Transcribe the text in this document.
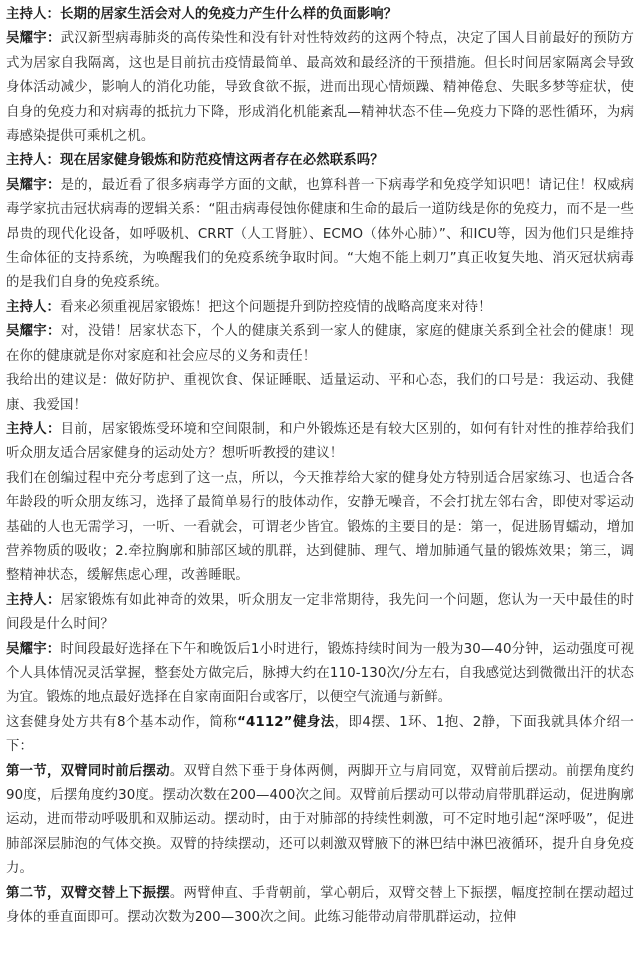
主持人：长期的居家生活会对人的免疫力产生什么样的负面影响？

吴耀宇：武汉新型病毒肺炎的高传染性和没有针对性特效药的这两个特点，决定了国人目前最好的预防方式为居家自我隔离，这也是目前抗击疫情最简单、最高效和最经济的干预措施。但长时间居家隔离会导致身体活动减少，影响人的消化功能，导致食欲不振，进而出现心情烦躁、精神倦怠、失眠多梦等症状，使自身的免疫力和对病毒的抵抗力下降，形成消化机能紊乱—精神状态不佳—免疫力下降的恶性循环，为病毒感染提供可乘机之机。

主持人：现在居家健身锻炼和防范疫情这两者存在必然联系吗？

吴耀宇：是的，最近看了很多病毒学方面的文献，也算科普一下病毒学和免疫学知识吧！请记住！权威病毒学家抗击冠状病毒的逻辑关系：“阻击病毒侵蚀你健康和生命的最后一道防线是你的免疫力，而不是一些昂贵的现代化设备，如呼吸机、CRRT（人工肾脏）、ECMO（体外心肺）”、和ICU等，因为他们只是维持生命体征的支持系统，为唤醒我们的免疫系统争取时间。“大炮不能上刺刀”真正收复失地、消灭冠状病毒的是我们自身的免疫系统。

主持人：看来必须重视居家锻炼！把这个问题提升到防控疫情的战略高度来对待！

吴耀宇：对，没错！居家状态下，个人的健康关系到一家人的健康，家庭的健康关系到全社会的健康！现在你的健康就是你对家庭和社会应尽的义务和责任！

我给出的建议是：做好防护、重视饮食、保证睡眠、适量运动、平和心态，我们的口号是：我运动、我健康、我爱国！

主持人：目前，居家锻炼受环境和空间限制，和户外锻炼还是有较大区别的，如何有针对性的推荐给我们听众朋友适合居家健身的运动处方？想听听教授的建议！

我们在创编过程中充分考虑到了这一点，所以，今天推荐给大家的健身处方特别适合居家练习、也适合各年龄段的听众朋友练习，选择了最简单易行的肢体动作，安静无噪音，不会打扰左邻右舍，即使对零运动基础的人也无需学习，一听、一看就会，可谓老少皆宜。锻炼的主要目的是：第一，促进肠胃蠕动，增加营养物质的吸收；2.牵拉胸廓和肺部区域的肌群，达到健肺、理气、增加肺通气量的锻炼效果；第三，调整精神状态，缓解焦虑心理，改善睡眠。

主持人：居家锻炼有如此神奇的效果，听众朋友一定非常期待，我先问一个问题，您认为一天中最佳的时间段是什么时间？

吴耀宇：时间段最好选择在下午和晚饭后1小时进行，锻炼持续时间为一般为30—40分钟，运动强度可视个人具体情况灵活掌握，整套处方做完后，脉搏大约在110-130次/分左右，自我感觉达到微微出汗的状态为宜。锻炼的地点最好选择在自家南面阳台或客厅，以便空气流通与新鲜。

这套健身处方共有8个基本动作，简称“4112”健身法，即4摆、1环、1抱、2静，下面我就具体介绍一下：

第一节，双臂同时前后摆动。双臂自然下垂于身体两侧，两脚开立与肩同宽，双臂前后摆动。前摆角度约90度，后摆角度约30度。摆动次数在200—400次之间。双臂前后摆动可以带动肩带肌群运动，促进胸廓运动，进而带动呼吸肌和双肺运动。摆动时，由于对肺部的持续性刺激，可不定时地引起“深呼吸”，促进肺部深层肺泡的气体交换。双臂的持续摆动，还可以刺激双臂腋下的淋巴结中淋巴液循环，提升自身免疫力。

第二节，双臂交替上下振摆。两臂伸直、手背朝前，掌心朝后，双臂交替上下振摆，幅度控制在摆动超过身体的垂直面即可。摆动次数为200—300次之间。此练习能带动肩带肌群运动，拉伸
